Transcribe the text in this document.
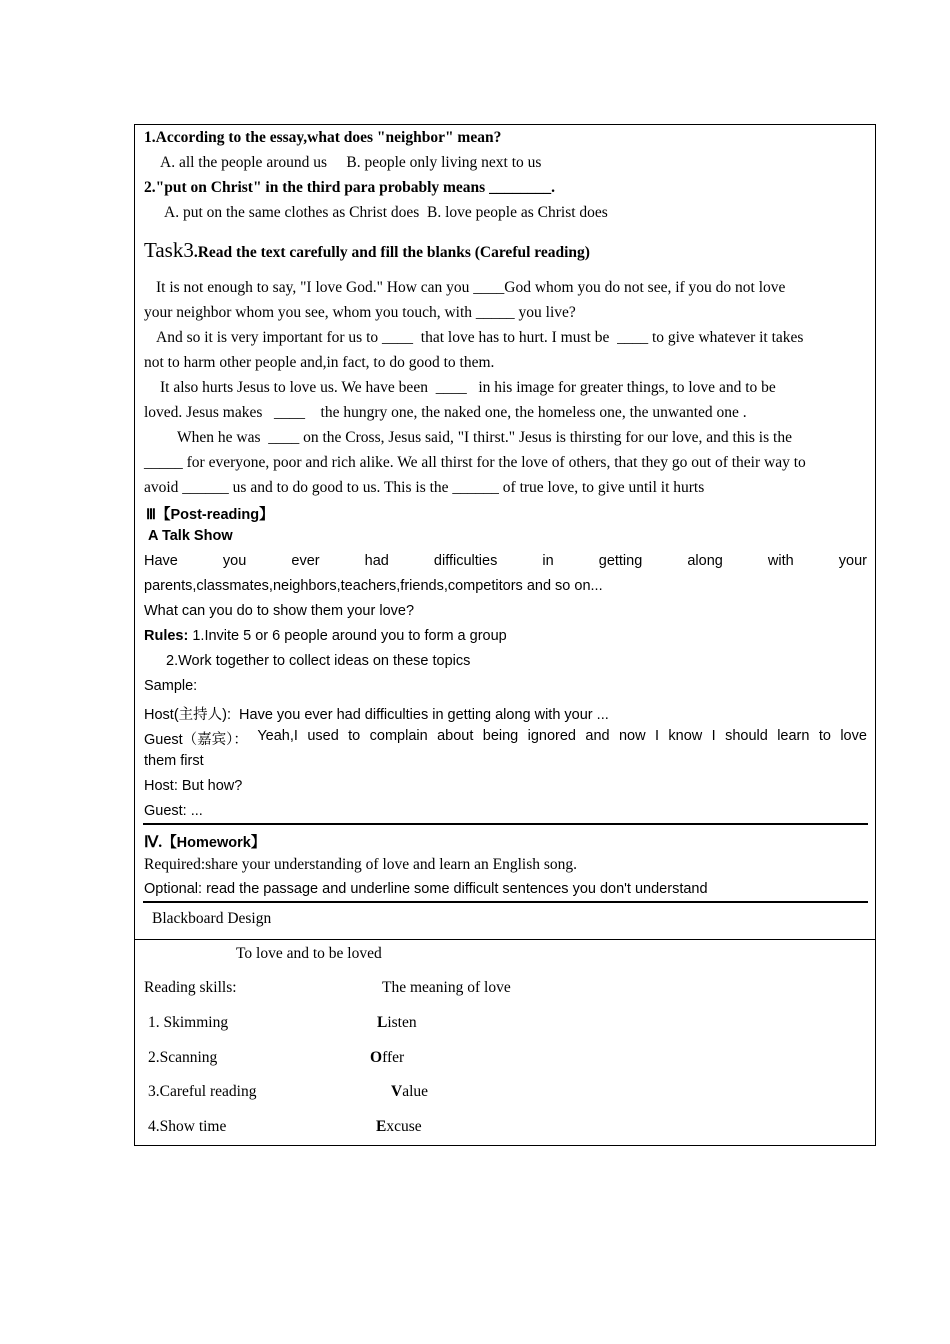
1.According to the essay,what does "neighbor" mean?
A. all the people around us     B. people only living next to us
2."put on Christ" in the third para probably means ________.
A. put on the same clothes as Christ does  B. love people as Christ does
Task3.Read the text carefully and fill the blanks (Careful reading)
It is not enough to say, "I love God." How can you ____God whom you do not see, if you do not love
your neighbor whom you see, whom you touch, with _____ you live?
And so it is very important for us to ____  that love has to hurt. I must be  ____ to give whatever it takes
not to harm other people and,in fact, to do good to them.
It also hurts Jesus to love us. We have been  ____   in his image for greater things, to love and to be
loved. Jesus makes   ____    the hungry one, the naked one, the homeless one, the unwanted one .
When he was  ____ on the Cross, Jesus said, "I thirst." Jesus is thirsting for our love, and this is the
_____ for everyone, poor and rich alike. We all thirst for the love of others, that they go out of their way to
avoid ______ us and to do good to us. This is the ______ of true love, to give until it hurts
Ⅲ【Post-reading】
A Talk Show
Have	you	ever	had	difficulties	in	getting	along	with	your
parents,classmates,neighbors,teachers,friends,competitors and so on...
What can you do to show them your love?
Rules: 1.Invite 5 or 6 people around you to form a group
2.Work together to collect ideas on these topics
Sample:
Host(主持人):  Have you ever had difficulties in getting along with your ...
Guest（嘉宾）： Yeah,I used to complain about being ignored and now I know I should learn to love
them first
Host: But how?
Guest: ...
Ⅳ.【Homework】
Required:share your understanding of love and learn an English song.
Optional: read the passage and underline some difficult sentences you don't understand
Blackboard Design
To love and to be loved
Reading skills:	The meaning of love
1. Skimming	Listen
2.Scanning	Offer
3.Careful reading	Value
4.Show time	Excuse
